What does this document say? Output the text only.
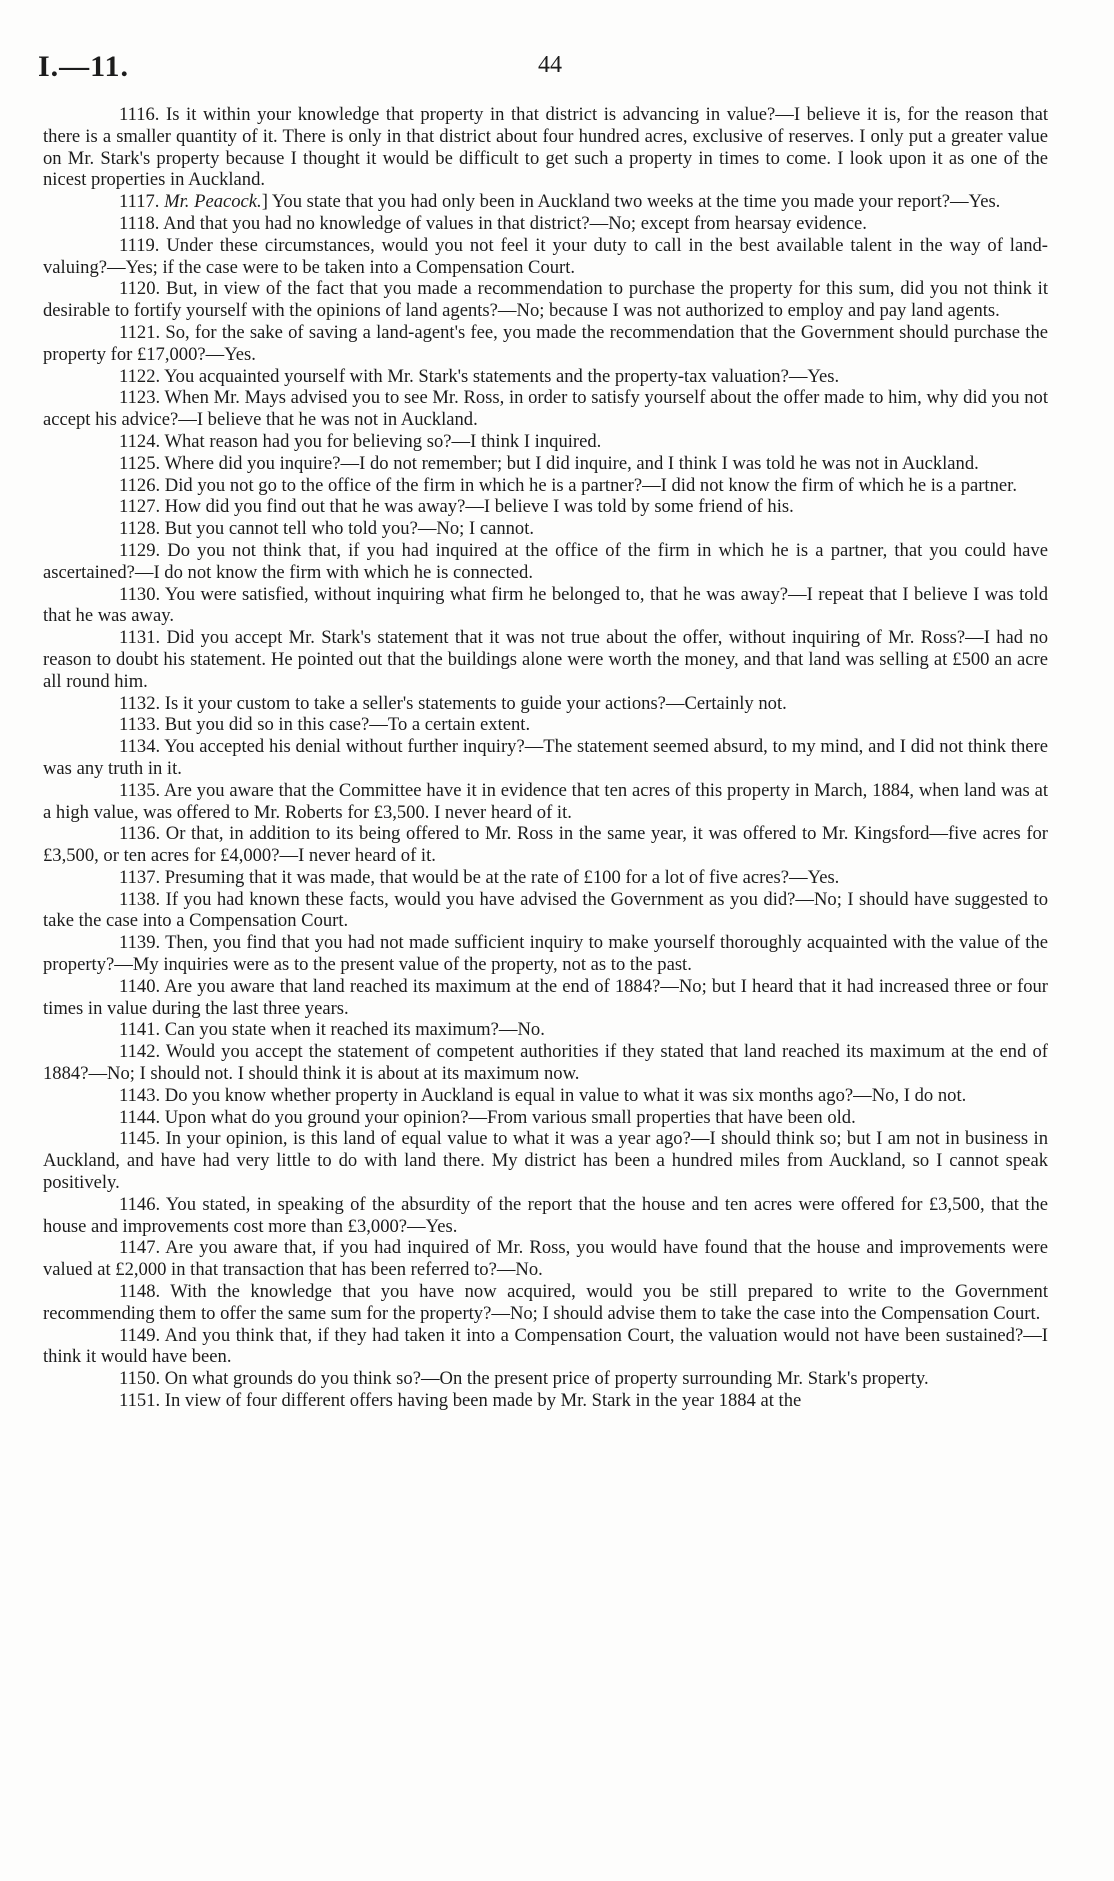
I.—11.	44

1116. Is it within your knowledge that property in that district is advancing in value?—I believe it is, for the reason that there is a smaller quantity of it. There is only in that district about four hundred acres, exclusive of reserves. I only put a greater value on Mr. Stark's property because I thought it would be difficult to get such a property in times to come. I look upon it as one of the nicest properties in Auckland.

1117. Mr. Peacock.] You state that you had only been in Auckland two weeks at the time you made your report?—Yes.

1118. And that you had no knowledge of values in that district?—No; except from hearsay evidence.

1119. Under these circumstances, would you not feel it your duty to call in the best available talent in the way of land-valuing?—Yes; if the case were to be taken into a Compensation Court.

1120. But, in view of the fact that you made a recommendation to purchase the property for this sum, did you not think it desirable to fortify yourself with the opinions of land agents?—No; because I was not authorized to employ and pay land agents.

1121. So, for the sake of saving a land-agent's fee, you made the recommendation that the Government should purchase the property for £17,000?—Yes.

1122. You acquainted yourself with Mr. Stark's statements and the property-tax valuation?—Yes.

1123. When Mr. Mays advised you to see Mr. Ross, in order to satisfy yourself about the offer made to him, why did you not accept his advice?—I believe that he was not in Auckland.

1124. What reason had you for believing so?—I think I inquired.

1125. Where did you inquire?—I do not remember; but I did inquire, and I think I was told he was not in Auckland.

1126. Did you not go to the office of the firm in which he is a partner?—I did not know the firm of which he is a partner.

1127. How did you find out that he was away?—I believe I was told by some friend of his.

1128. But you cannot tell who told you?—No; I cannot.

1129. Do you not think that, if you had inquired at the office of the firm in which he is a partner, that you could have ascertained?—I do not know the firm with which he is connected.

1130. You were satisfied, without inquiring what firm he belonged to, that he was away?—I repeat that I believe I was told that he was away.

1131. Did you accept Mr. Stark's statement that it was not true about the offer, without inquiring of Mr. Ross?—I had no reason to doubt his statement. He pointed out that the buildings alone were worth the money, and that land was selling at £500 an acre all round him.

1132. Is it your custom to take a seller's statements to guide your actions?—Certainly not.

1133. But you did so in this case?—To a certain extent.

1134. You accepted his denial without further inquiry?—The statement seemed absurd, to my mind, and I did not think there was any truth in it.

1135. Are you aware that the Committee have it in evidence that ten acres of this property in March, 1884, when land was at a high value, was offered to Mr. Roberts for £3,500. I never heard of it.

1136. Or that, in addition to its being offered to Mr. Ross in the same year, it was offered to Mr. Kingsford—five acres for £3,500, or ten acres for £4,000?—I never heard of it.

1137. Presuming that it was made, that would be at the rate of £100 for a lot of five acres?—Yes.

1138. If you had known these facts, would you have advised the Government as you did?—No; I should have suggested to take the case into a Compensation Court.

1139. Then, you find that you had not made sufficient inquiry to make yourself thoroughly acquainted with the value of the property?—My inquiries were as to the present value of the property, not as to the past.

1140. Are you aware that land reached its maximum at the end of 1884?—No; but I heard that it had increased three or four times in value during the last three years.

1141. Can you state when it reached its maximum?—No.

1142. Would you accept the statement of competent authorities if they stated that land reached its maximum at the end of 1884?—No; I should not. I should think it is about at its maximum now.

1143. Do you know whether property in Auckland is equal in value to what it was six months ago?—No, I do not.

1144. Upon what do you ground your opinion?—From various small properties that have been old.

1145. In your opinion, is this land of equal value to what it was a year ago?—I should think so; but I am not in business in Auckland, and have had very little to do with land there. My district has been a hundred miles from Auckland, so I cannot speak positively.

1146. You stated, in speaking of the absurdity of the report that the house and ten acres were offered for £3,500, that the house and improvements cost more than £3,000?—Yes.

1147. Are you aware that, if you had inquired of Mr. Ross, you would have found that the house and improvements were valued at £2,000 in that transaction that has been referred to?—No.

1148. With the knowledge that you have now acquired, would you be still prepared to write to the Government recommending them to offer the same sum for the property?—No; I should advise them to take the case into the Compensation Court.

1149. And you think that, if they had taken it into a Compensation Court, the valuation would not have been sustained?—I think it would have been.

1150. On what grounds do you think so?—On the present price of property surrounding Mr. Stark's property.

1151. In view of four different offers having been made by Mr. Stark in the year 1884 at the
